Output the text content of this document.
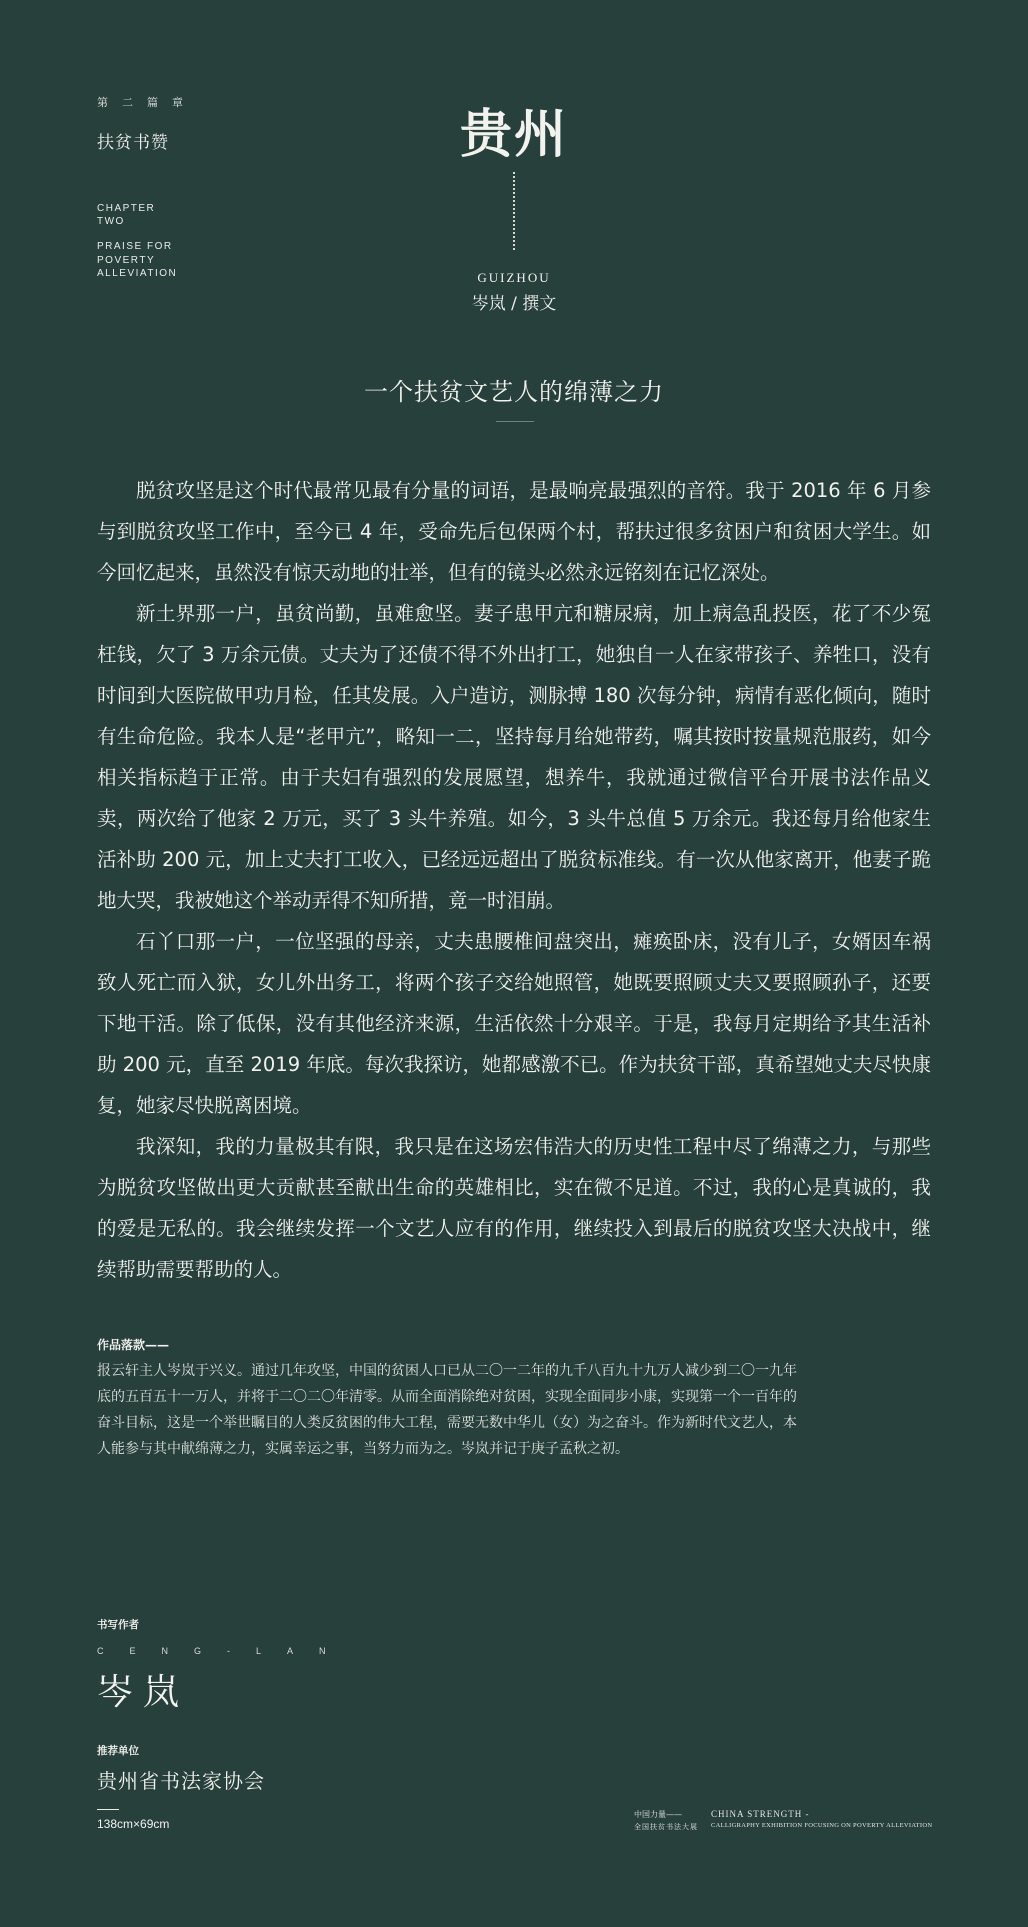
第二篇章
扶贫书赞
CHAPTER
TWO
PRAISE FOR
POVERTY
ALLEVIATION
贵州
GUIZHOU
岑岚 / 撰文
一个扶贫文艺人的绵薄之力

脱贫攻坚是这个时代最常见最有分量的词语，是最响亮最强烈的音符。我于 2016 年 6 月参与到脱贫攻坚工作中，至今已 4 年，受命先后包保两个村，帮扶过很多贫困户和贫困大学生。如今回忆起来，虽然没有惊天动地的壮举，但有的镜头必然永远铭刻在记忆深处。

新土界那一户，虽贫尚勤，虽难愈坚。妻子患甲亢和糖尿病，加上病急乱投医，花了不少冤枉钱，欠了 3 万余元债。丈夫为了还债不得不外出打工，她独自一人在家带孩子、养牲口，没有时间到大医院做甲功月检，任其发展。入户造访，测脉搏 180 次每分钟，病情有恶化倾向，随时有生命危险。我本人是“老甲亢”，略知一二，坚持每月给她带药，嘱其按时按量规范服药，如今相关指标趋于正常。由于夫妇有强烈的发展愿望，想养牛，我就通过微信平台开展书法作品义卖，两次给了他家 2 万元，买了 3 头牛养殖。如今，3 头牛总值 5 万余元。我还每月给他家生活补助 200 元，加上丈夫打工收入，已经远远超出了脱贫标准线。有一次从他家离开，他妻子跪地大哭，我被她这个举动弄得不知所措，竟一时泪崩。

石丫口那一户，一位坚强的母亲，丈夫患腰椎间盘突出，瘫痪卧床，没有儿子，女婿因车祸致人死亡而入狱，女儿外出务工，将两个孩子交给她照管，她既要照顾丈夫又要照顾孙子，还要下地干活。除了低保，没有其他经济来源，生活依然十分艰辛。于是，我每月定期给予其生活补助 200 元，直至 2019 年底。每次我探访，她都感激不已。作为扶贫干部，真希望她丈夫尽快康复，她家尽快脱离困境。

我深知，我的力量极其有限，我只是在这场宏伟浩大的历史性工程中尽了绵薄之力，与那些为脱贫攻坚做出更大贡献甚至献出生命的英雄相比，实在微不足道。不过，我的心是真诚的，我的爱是无私的。我会继续发挥一个文艺人应有的作用，继续投入到最后的脱贫攻坚大决战中，继续帮助需要帮助的人。

作品落款——
报云轩主人岑岚于兴义。通过几年攻坚，中国的贫困人口已从二〇一二年的九千八百九十九万人减少到二〇一九年
底的五百五十一万人，并将于二〇二〇年清零。从而全面消除绝对贫困，实现全面同步小康，实现第一个一百年的
奋斗目标，这是一个举世瞩目的人类反贫困的伟大工程，需要无数中华儿（女）为之奋斗。作为新时代文艺人，本
人能参与其中献绵薄之力，实属幸运之事，当努力而为之。岑岚并记于庚子孟秋之初。
书写作者
CENG-LAN
岑岚
推荐单位
贵州省书法家协会
138cm×69cm
中国力量——
全国扶贫书法大展
CHINA STRENGTH -
CALLIGRAPHY EXHIBITION FOCUSING ON POVERTY ALLEVIATION
